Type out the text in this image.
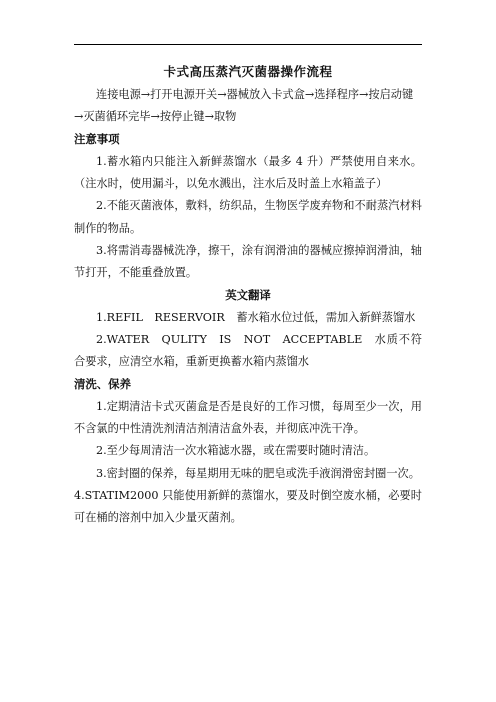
卡式高压蒸汽灭菌器操作流程

连接电源→打开电源开关→器械放入卡式盒→选择程序→按启动键→灭菌循环完毕→按停止键→取物

注意事项

1.蓄水箱内只能注入新鲜蒸馏水（最多 4 升）严禁使用自来水。（注水时，使用漏斗，以免水溅出，注水后及时盖上水箱盖子）

2.不能灭菌液体，敷料，纺织品，生物医学废弃物和不耐蒸汽材料制作的物品。

3.将需消毒器械洗净，擦干，涂有润滑油的器械应擦掉润滑油，轴节打开，不能重叠放置。

英文翻译

1.REFIL RESERVOIR 蓄水箱水位过低，需加入新鲜蒸馏水

2.WATER QULITY IS NOT ACCEPTABLE 水质不符合要求，应清空水箱，重新更换蓄水箱内蒸馏水

清洗、保养

1.定期清洁卡式灭菌盒是否是良好的工作习惯，每周至少一次，用不含氯的中性清洗剂清洁剂清洁盒外表，并彻底冲洗干净。

2.至少每周清洁一次水箱滤水器，或在需要时随时清洁。

3.密封圈的保养，每星期用无味的肥皂或洗手液润滑密封圈一次。

4.STATIM2000 只能使用新鲜的蒸馏水，要及时倒空废水桶，必要时可在桶的溶剂中加入少量灭菌剂。
